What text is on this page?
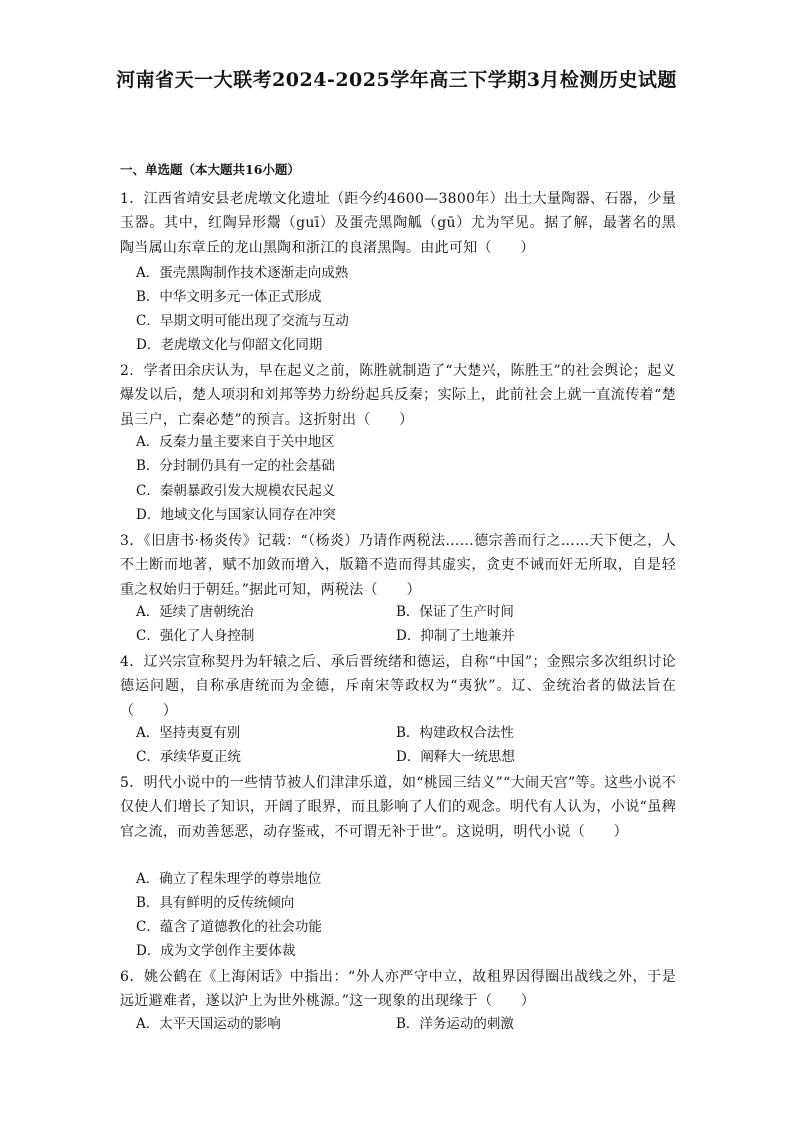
河南省天一大联考2024-2025学年高三下学期3月检测历史试题
一、单选题（本大题共16小题）
1．江西省靖安县老虎墩文化遗址（距今约4600—3800年）出土大量陶器、石器，少量玉器。其中，红陶异形鬶（guī）及蛋壳黑陶觚（gū）尤为罕见。据了解，最著名的黑陶当属山东章丘的龙山黑陶和浙江的良渚黑陶。由此可知（　　）
A．蛋壳黑陶制作技术逐渐走向成熟
B．中华文明多元一体正式形成
C．早期文明可能出现了交流与互动
D．老虎墩文化与仰韶文化同期
2．学者田余庆认为，早在起义之前，陈胜就制造了“大楚兴，陈胜王”的社会舆论；起义爆发以后，楚人项羽和刘邦等势力纷纷起兵反秦；实际上，此前社会上就一直流传着“楚虽三户，亡秦必楚”的预言。这折射出（　　）
A．反秦力量主要来自于关中地区
B．分封制仍具有一定的社会基础
C．秦朝暴政引发大规模农民起义
D．地域文化与国家认同存在冲突
3．《旧唐书·杨炎传》记载：“（杨炎）乃请作两税法……德宗善而行之……天下便之，人不土断而地著，赋不加敛而增入，版籍不造而得其虚实，贪吏不诫而奸无所取，自是轻重之权始归于朝廷。”据此可知，两税法（　　）
A．延续了唐朝统治	B．保证了生产时间
C．强化了人身控制	D．抑制了土地兼并
4．辽兴宗宣称契丹为轩辕之后、承后晋统绪和德运，自称“中国”；金熙宗多次组织讨论德运问题，自称承唐统而为金德，斥南宋等政权为“夷狄”。辽、金统治者的做法旨在（　　）
A．坚持夷夏有别	B．构建政权合法性
C．承续华夏正统	D．阐释大一统思想
5．明代小说中的一些情节被人们津津乐道，如“桃园三结义”“大闹天宫”等。这些小说不仅使人们增长了知识，开阔了眼界，而且影响了人们的观念。明代有人认为，小说“虽稗官之流，而劝善惩恶，动存鉴戒，不可谓无补于世”。这说明，明代小说（　　）
A．确立了程朱理学的尊崇地位
B．具有鲜明的反传统倾向
C．蕴含了道德教化的社会功能
D．成为文学创作主要体裁
6．姚公鹤在《上海闲话》中指出：“外人亦严守中立，故租界因得圈出战线之外，于是远近避难者，遂以沪上为世外桃源。”这一现象的出现缘于（　　）
A．太平天国运动的影响	B．洋务运动的刺激
